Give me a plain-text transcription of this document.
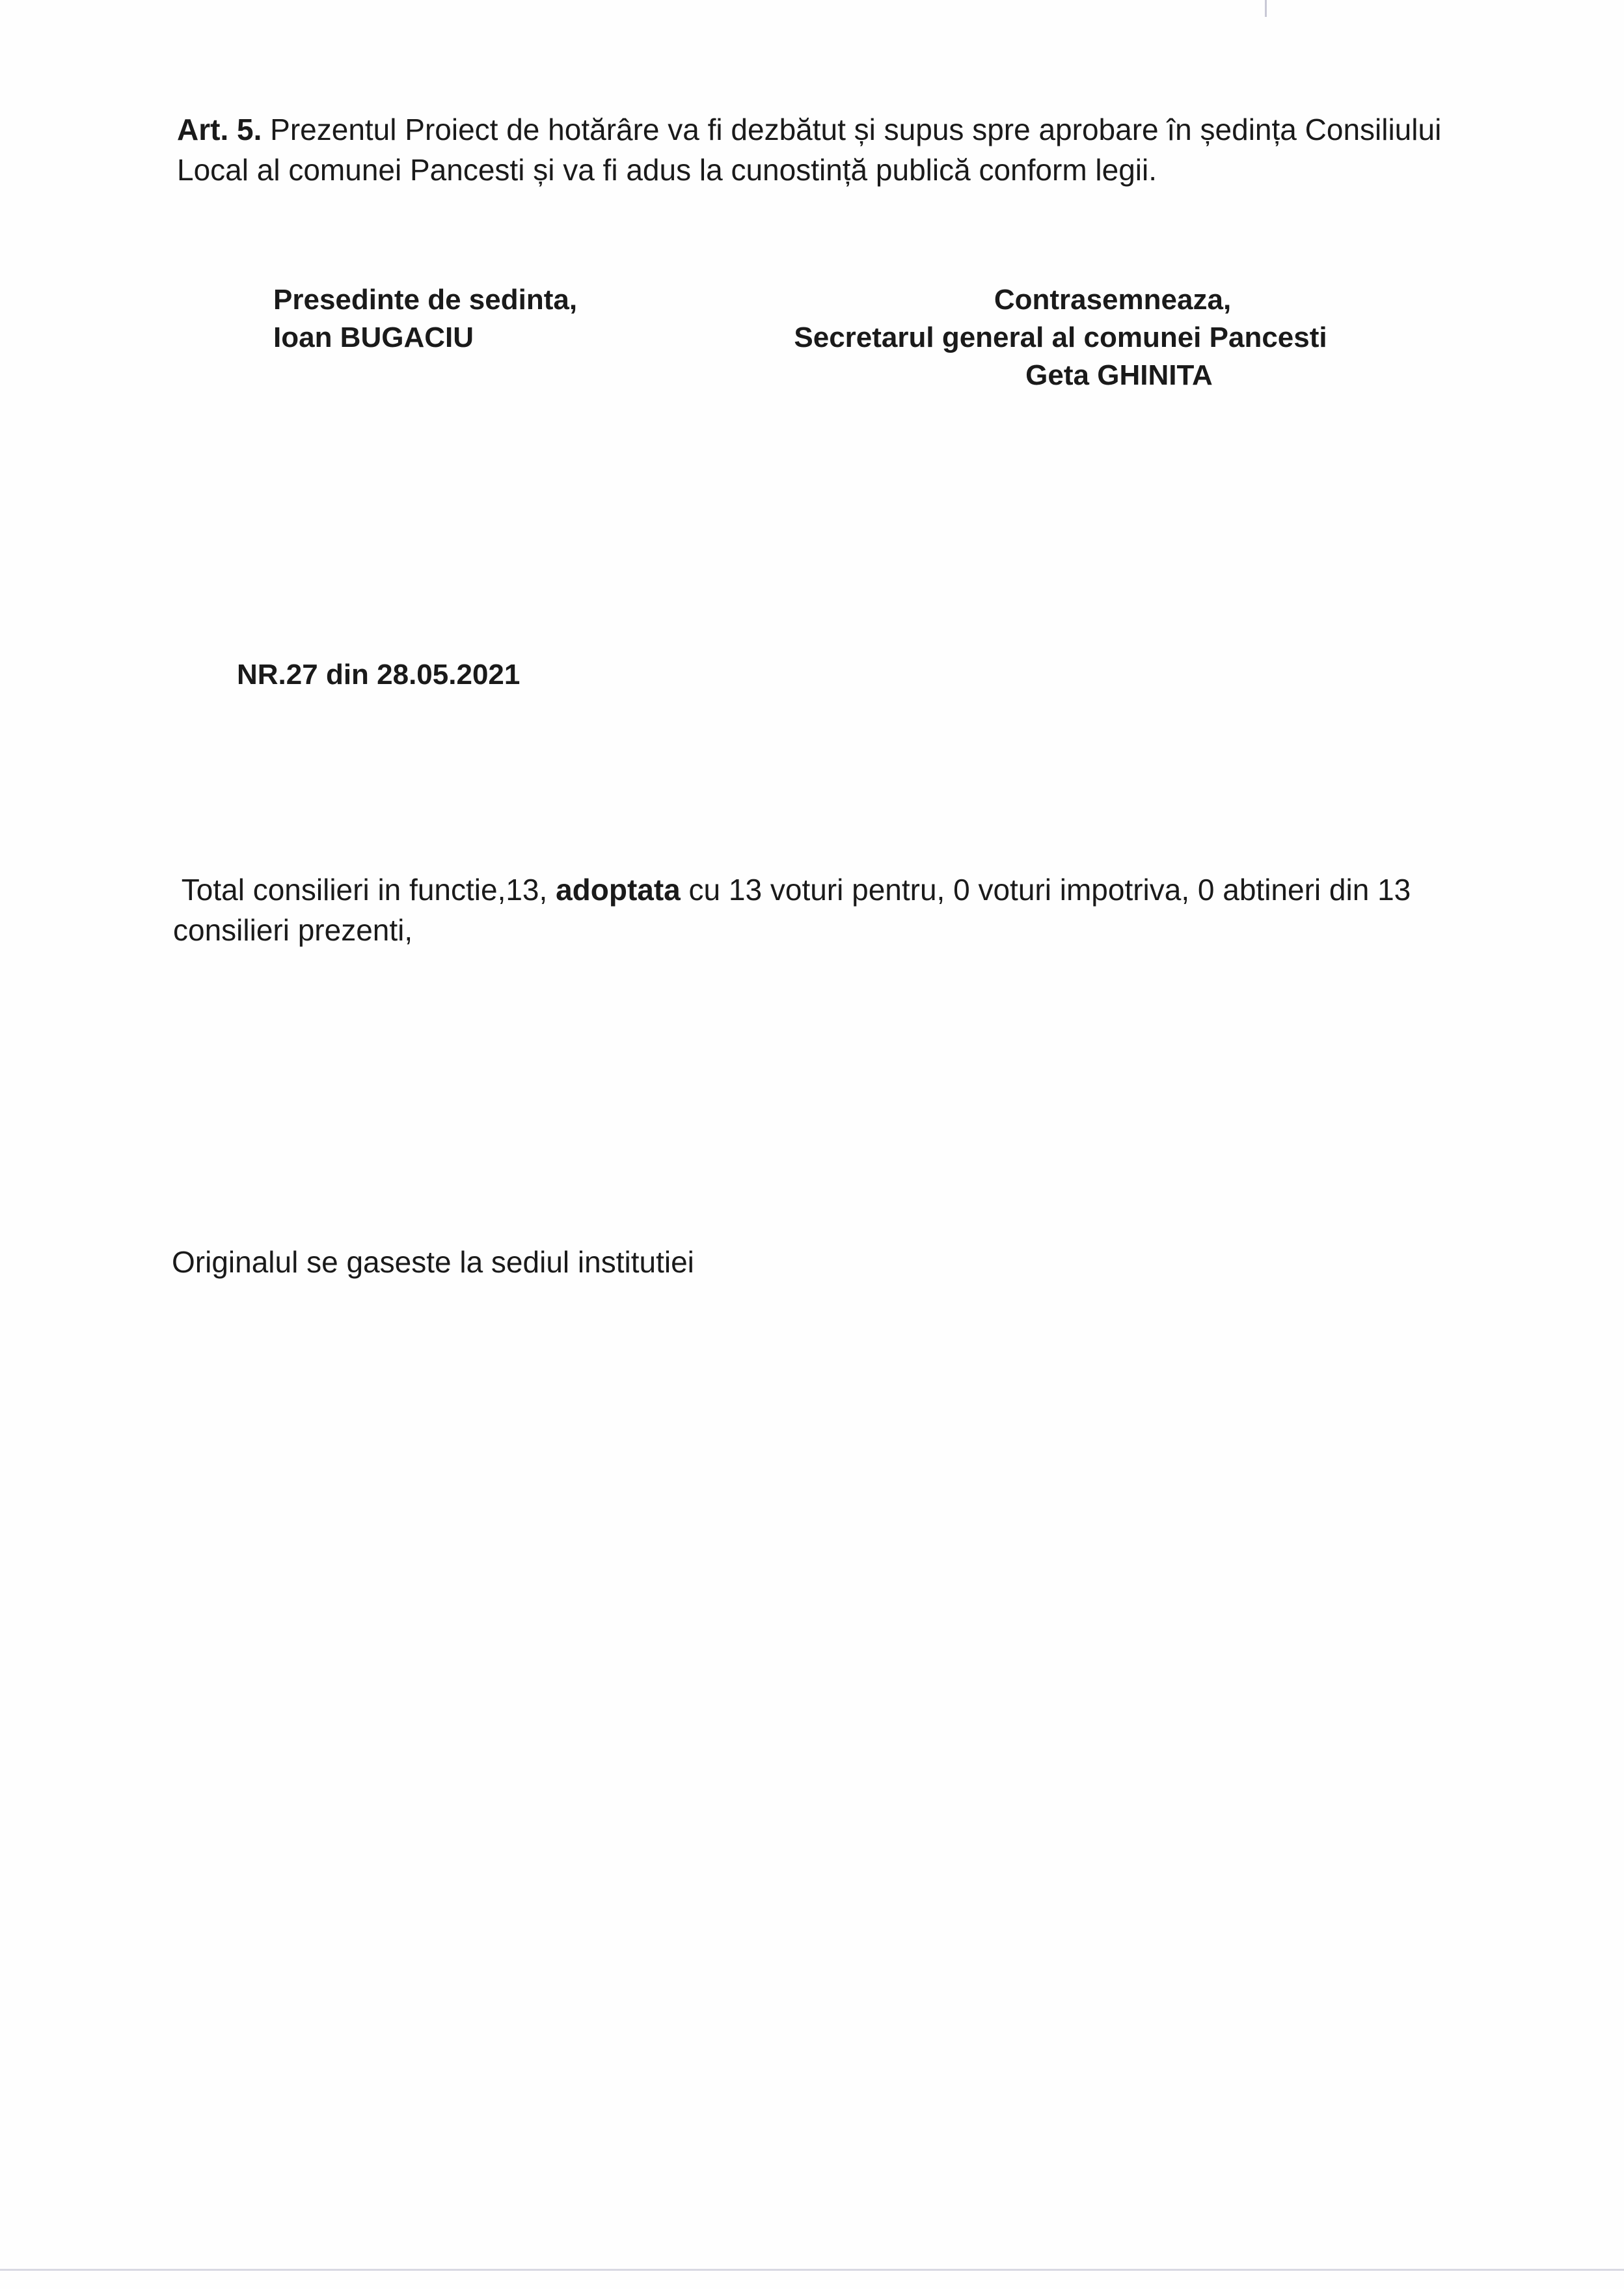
Art. 5. Prezentul Proiect de hotărâre va fi dezbătut și supus spre aprobare în ședința Consiliului
Local al comunei Pancesti și va fi adus la cunostință publică conform legii.
Presedinte de sedinta,
Ioan BUGACIU
Contrasemneaza,
Secretarul general al comunei Pancesti
Geta GHINITA
NR.27 din 28.05.2021
Total consilieri in functie,13, adoptata cu 13 voturi pentru, 0 voturi impotriva, 0 abtineri din 13
consilieri prezenti,
Originalul se gaseste la sediul institutiei
